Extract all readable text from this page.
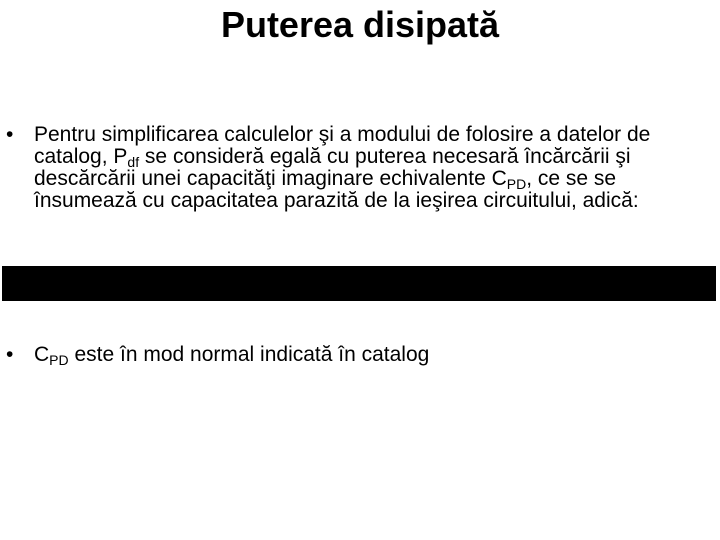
Puterea disipată
• Pentru simplificarea calculelor şi a modului de folosire a datelor de catalog, $P_{df}$ se consideră egală cu puterea necesară încărcării şi descărcării unei capacităţi imaginare echivalente $C_{PD}$, ce se se însumează cu capacitatea parazită de la ieşirea circuitului, adică:
• $C_{PD}$ este în mod normal indicată în catalog
